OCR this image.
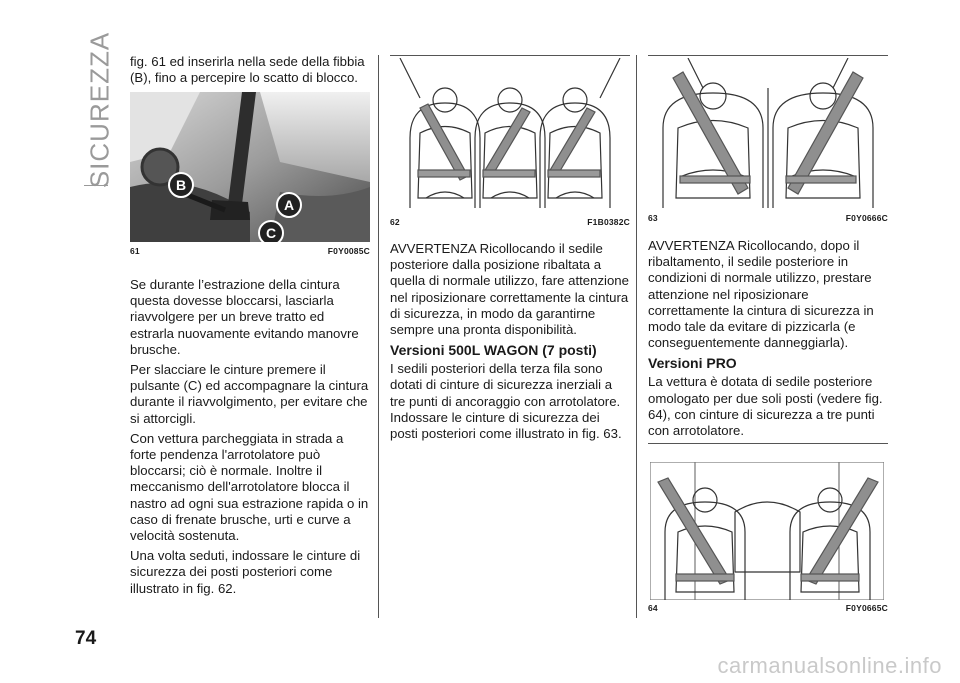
SICUREZZA
74

fig. 61 ed inserirla nella sede della fibbia (B), fino a percepire lo scatto di blocco.

B
A
C
61	F0Y0085C

Se durante l’estrazione della cintura questa dovesse bloccarsi, lasciarla riavvolgere per un breve tratto ed estrarla nuovamente evitando manovre brusche.

Per slacciare le cinture premere il pulsante (C) ed accompagnare la cintura durante il riavvolgimento, per evitare che si attorcigli.

Con vettura parcheggiata in strada a forte pendenza l'arrotolatore può bloccarsi; ciò è normale. Inoltre il meccanismo dell'arrotolatore blocca il nastro ad ogni sua estrazione rapida o in caso di frenate brusche, urti e curve a velocità sostenuta.

Una volta seduti, indossare le cinture di sicurezza dei posti posteriori come illustrato in fig. 62.

62	F1B0382C

AVVERTENZA Ricollocando il sedile posteriore dalla posizione ribaltata a quella di normale utilizzo, fare attenzione nel riposizionare correttamente la cintura di sicurezza, in modo da garantirne sempre una pronta disponibilità.

Versioni 500L WAGON (7 posti)

I sedili posteriori della terza fila sono dotati di cinture di sicurezza inerziali a tre punti di ancoraggio con arrotolatore. Indossare le cinture di sicurezza dei posti posteriori come illustrato in fig. 63.

63	F0Y0666C

AVVERTENZA Ricollocando, dopo il ribaltamento, il sedile posteriore in condizioni di normale utilizzo, prestare attenzione nel riposizionare correttamente la cintura di sicurezza in modo tale da evitare di pizzicarla (e conseguentemente danneggiarla).

Versioni PRO

La vettura è dotata di sedile posteriore omologato per due soli posti (vedere fig. 64), con cinture di sicurezza a tre punti con arrotolatore.

64	F0Y0665C
carmanualsonline.info
